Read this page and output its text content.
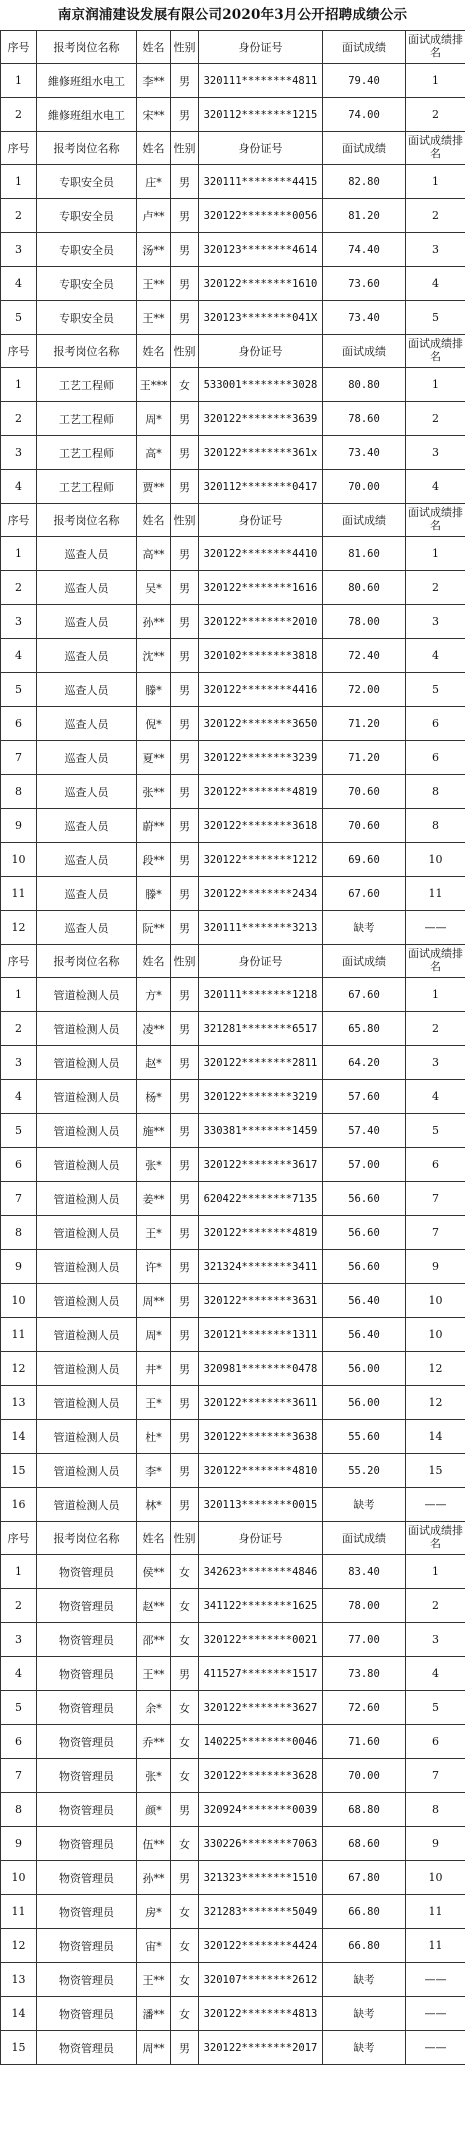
南京润浦建设发展有限公司2020年3月公开招聘成绩公示
序号	报考岗位名称	姓名	性别	身份证号	面试成绩	面试成绩排名
1	維修班组水电工	李**	男	320111********4811	79.40	1
2	維修班组水电工	宋**	男	320112********1215	74.00	2
序号	报考岗位名称	姓名	性别	身份证号	面试成绩	面试成绩排名
1	专职安全员	庄*	男	320111********4415	82.80	1
2	专职安全员	卢**	男	320122********0056	81.20	2
3	专职安全员	汤**	男	320123********4614	74.40	3
4	专职安全员	王**	男	320122********1610	73.60	4
5	专职安全员	王**	男	320123********041X	73.40	5
序号	报考岗位名称	姓名	性别	身份证号	面试成绩	面试成绩排名
1	工艺工程师	王***	女	533001********3028	80.80	1
2	工艺工程师	周*	男	320122********3639	78.60	2
3	工艺工程师	高*	男	320122********361x	73.40	3
4	工艺工程师	贾**	男	320112********0417	70.00	4
序号	报考岗位名称	姓名	性别	身份证号	面试成绩	面试成绩排名
1	巡查人员	高**	男	320122********4410	81.60	1
2	巡查人员	吴*	男	320122********1616	80.60	2
3	巡查人员	孙**	男	320122********2010	78.00	3
4	巡查人员	沈**	男	320102********3818	72.40	4
5	巡查人员	滕*	男	320122********4416	72.00	5
6	巡查人员	倪*	男	320122********3650	71.20	6
7	巡查人员	夏**	男	320122********3239	71.20	6
8	巡查人员	张**	男	320122********4819	70.60	8
9	巡查人员	蔚**	男	320122********3618	70.60	8
10	巡查人员	段**	男	320122********1212	69.60	10
11	巡查人员	滕*	男	320122********2434	67.60	11
12	巡查人员	阮**	男	320111********3213	缺考	——
序号	报考岗位名称	姓名	性别	身份证号	面试成绩	面试成绩排名
1	管道检测人员	方*	男	320111********1218	67.60	1
2	管道检测人员	凌**	男	321281********6517	65.80	2
3	管道检测人员	赵*	男	320122********2811	64.20	3
4	管道检测人员	杨*	男	320122********3219	57.60	4
5	管道检测人员	施**	男	330381********1459	57.40	5
6	管道检测人员	张*	男	320122********3617	57.00	6
7	管道检测人员	姜**	男	620422********7135	56.60	7
8	管道检测人员	王*	男	320122********4819	56.60	7
9	管道检测人员	许*	男	321324********3411	56.60	9
10	管道检测人员	周**	男	320122********3631	56.40	10
11	管道检测人员	周*	男	320121********1311	56.40	10
12	管道检测人员	井*	男	320981********0478	56.00	12
13	管道检测人员	王*	男	320122********3611	56.00	12
14	管道检测人员	杜*	男	320122********3638	55.60	14
15	管道检测人员	李*	男	320122********4810	55.20	15
16	管道检测人员	林*	男	320113********0015	缺考	——
序号	报考岗位名称	姓名	性别	身份证号	面试成绩	面试成绩排名
1	物资管理员	侯**	女	342623********4846	83.40	1
2	物资管理员	赵**	女	341122********1625	78.00	2
3	物资管理员	邵**	女	320122********0021	77.00	3
4	物资管理员	王**	男	411527********1517	73.80	4
5	物资管理员	余*	女	320122********3627	72.60	5
6	物资管理员	乔**	女	140225********0046	71.60	6
7	物资管理员	张*	女	320122********3628	70.00	7
8	物资管理员	颜*	男	320924********0039	68.80	8
9	物资管理员	伍**	女	330226********7063	68.60	9
10	物资管理员	孙**	男	321323********1510	67.80	10
11	物资管理员	房*	女	321283********5049	66.80	11
12	物资管理员	宙*	女	320122********4424	66.80	11
13	物资管理员	王**	女	320107********2612	缺考	——
14	物资管理员	潘**	女	320122********4813	缺考	——
15	物资管理员	周**	男	320122********2017	缺考	——
